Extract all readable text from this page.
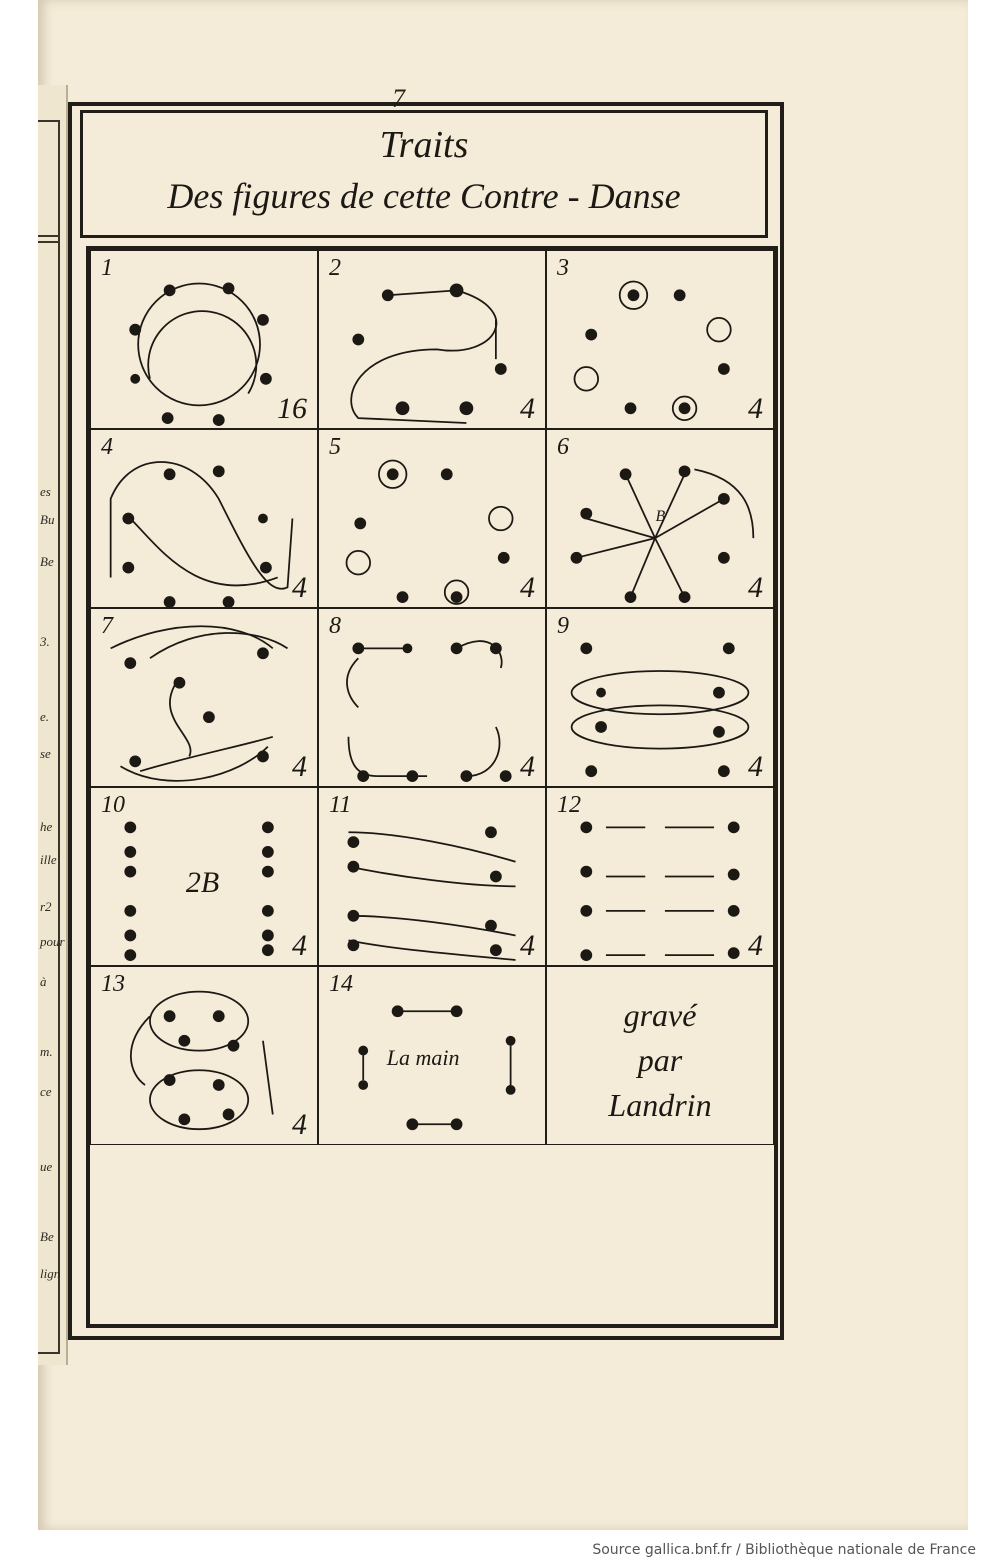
es
Bu
Be
3.
e.
se
he
ille
r2
pour
à
m.
ce
ue
Be
lign
7
Traits
Des figures de cette Contre - Danse
1
16
2
4
3
4
4
4
5
4
6
B
4
7
4
8
4
9
4
10
2B
4
11
4
12
4
13
4
14
La main
gravé
par
Landrin
Source gallica.bnf.fr / Bibliothèque nationale de France
